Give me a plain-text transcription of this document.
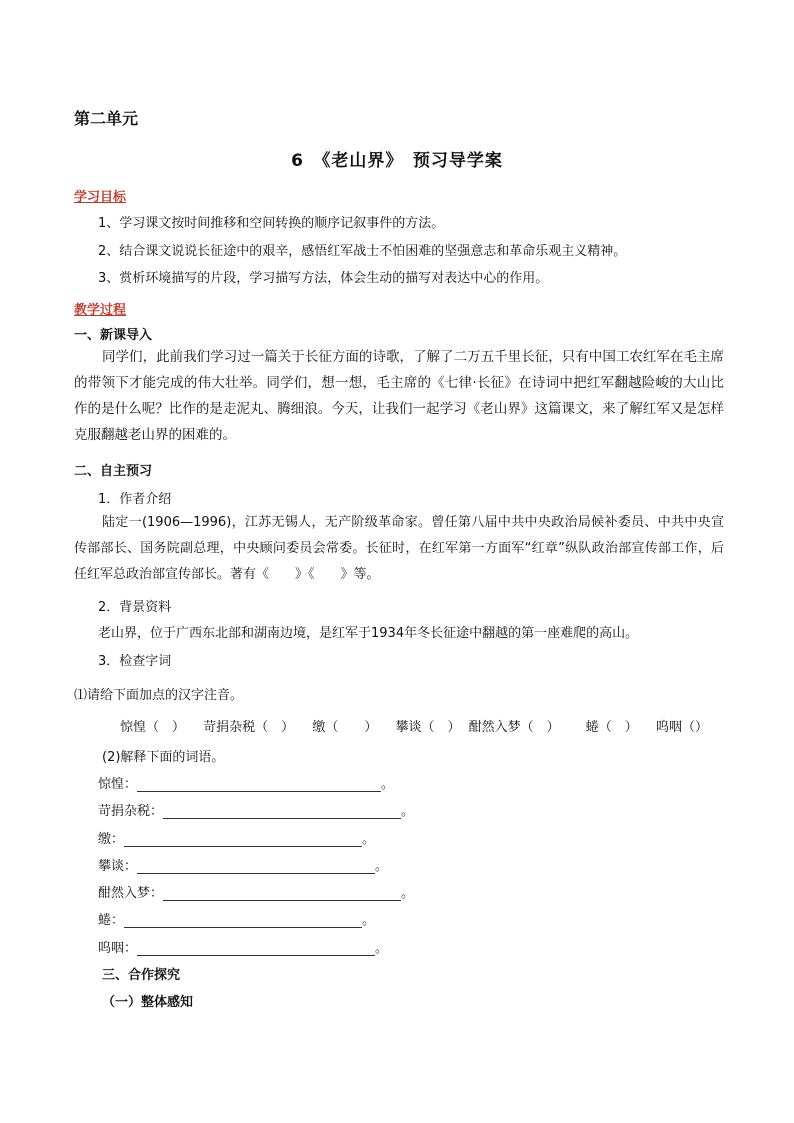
第二单元
6　《老山界》　预习导学案
学习目标
1、学习课文按时间推移和空间转换的顺序记叙事件的方法。
2、结合课文说说长征途中的艰辛，感悟红军战士不怕困难的坚强意志和革命乐观主义精神。
3、赏析环境描写的片段，学习描写方法，体会生动的描写对表达中心的作用。
教学过程
一、新课导入
同学们，此前我们学习过一篇关于长征方面的诗歌，了解了二万五千里长征，只有中国工农红军在毛主席的带领下才能完成的伟大壮举。同学们，想一想，毛主席的《七律·长征》在诗词中把红军翻越险峻的大山比作的是什么呢？比作的是走泥丸、腾细浪。今天，让我们一起学习《老山界》这篇课文，来了解红军又是怎样克服翻越老山界的困难的。
二、自主预习
1．作者介绍
陆定一(1906—1996)，江苏无锡人，无产阶级革命家。曾任第八届中共中央政治局候补委员、中共中央宣传部部长、国务院副总理，中央顾问委员会常委。长征时，在红军第一方面军“红章”纵队政治部宣传部工作，后任红军总政治部宣传部长。著有《　　》《　　》等。
2．背景资料
老山界，位于广西东北部和湖南边境，是红军于1934年冬长征途中翻越的第一座难爬的高山。
3．检查字词
⑴请给下面加点的汉字注音。
惊惶（　） 苛捐杂税（　） 缴（　　） 攀谈（　） 酣然入梦（　） 蜷（　） 呜咽（）
(2)解释下面的词语。
惊惶：	。
苛捐杂税：	。
缴：	。
攀谈：	。
酣然入梦：	。
蜷：	。
呜咽：	。
三、合作探究
（一）整体感知
